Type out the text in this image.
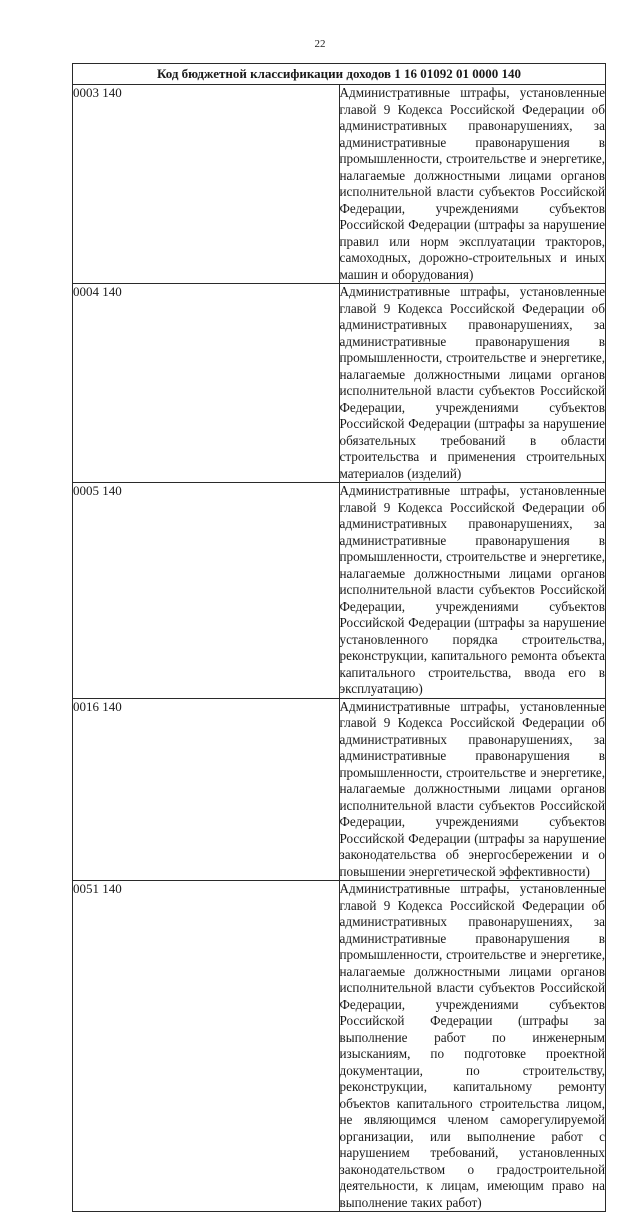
22
Код бюджетной классификации доходов 1 16 01092 01 0000 140	
0003 140	Административные штрафы, установленные главой 9 Кодекса Российской Федерации об административных правонарушениях, за административные правонарушения в промышленности, строительстве и энергетике, налагаемые должностными лицами органов исполнительной власти субъектов Российской Федерации, учреждениями субъектов Российской Федерации (штрафы за нарушение правил или норм эксплуатации тракторов, самоходных, дорожно-строительных и иных машин и оборудования)
0004 140	Административные штрафы, установленные главой 9 Кодекса Российской Федерации об административных правонарушениях, за административные правонарушения в промышленности, строительстве и энергетике, налагаемые должностными лицами органов исполнительной власти субъектов Российской Федерации, учреждениями субъектов Российской Федерации (штрафы за нарушение обязательных требований в области строительства и применения строительных материалов (изделий)
0005 140	Административные штрафы, установленные главой 9 Кодекса Российской Федерации об административных правонарушениях, за административные правонарушения в промышленности, строительстве и энергетике, налагаемые должностными лицами органов исполнительной власти субъектов Российской Федерации, учреждениями субъектов Российской Федерации (штрафы за нарушение установленного порядка строительства, реконструкции, капитального ремонта объекта капитального строительства, ввода его в эксплуатацию)
0016 140	Административные штрафы, установленные главой 9 Кодекса Российской Федерации об административных правонарушениях, за административные правонарушения в промышленности, строительстве и энергетике, налагаемые должностными лицами органов исполнительной власти субъектов Российской Федерации, учреждениями субъектов Российской Федерации (штрафы за нарушение законодательства об энергосбережении и о повышении энергетической эффективности)
0051 140	Административные штрафы, установленные главой 9 Кодекса Российской Федерации об административных правонарушениях, за административные правонарушения в промышленности, строительстве и энергетике, налагаемые должностными лицами органов исполнительной власти субъектов Российской Федерации, учреждениями субъектов Российской Федерации (штрафы за выполнение работ по инженерным изысканиям, по подготовке проектной документации, по строительству, реконструкции, капитальному ремонту объектов капитального строительства лицом, не являющимся членом саморегулируемой организации, или выполнение работ с нарушением требований, установленных законодательством о градостроительной деятельности, к лицам, имеющим право на выполнение таких работ)
